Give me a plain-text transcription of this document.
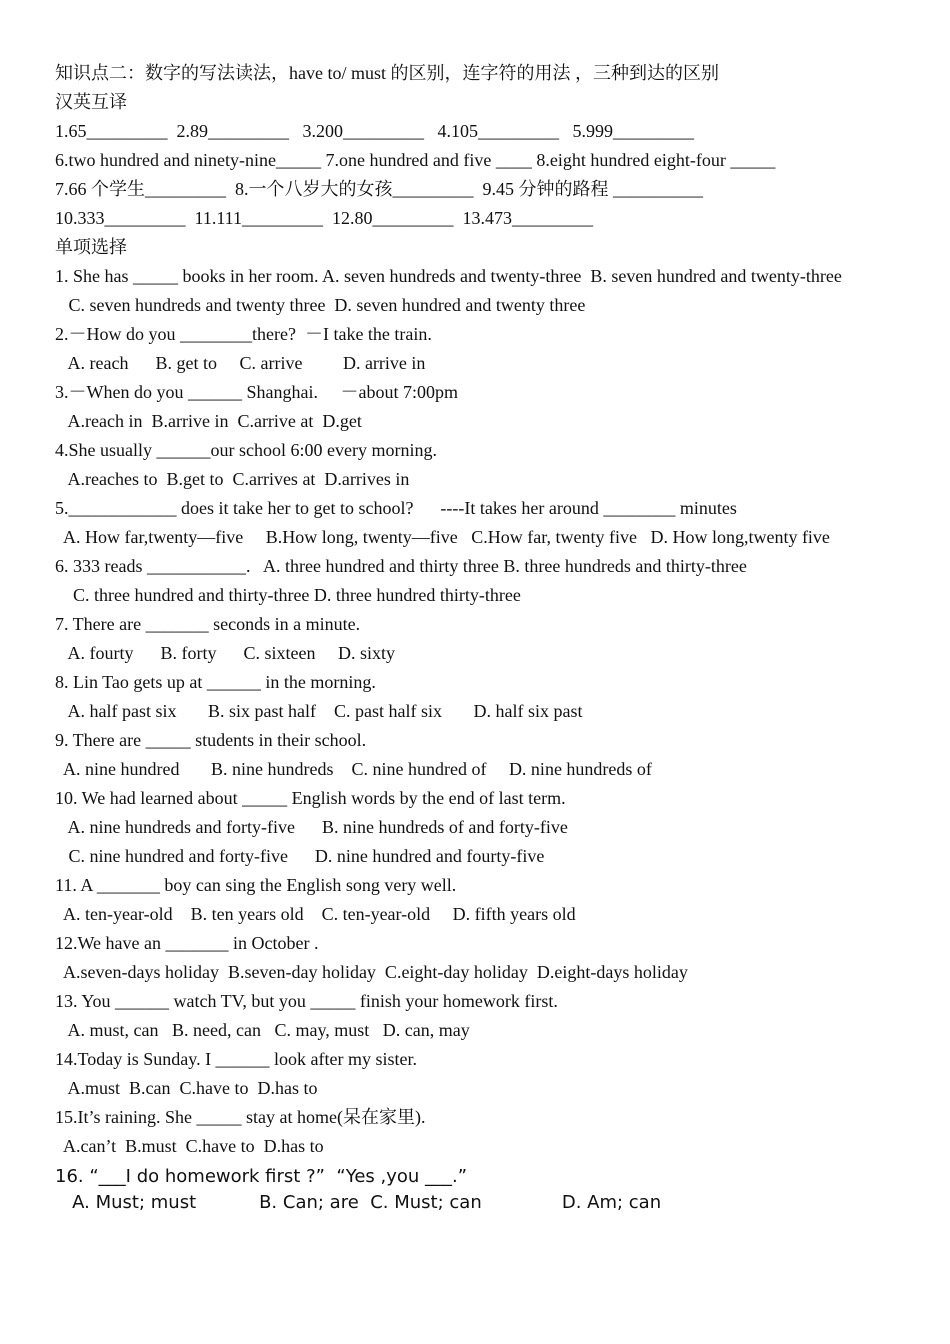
知识点二：数字的写法读法，have to/ must 的区别，连字符的用法 ，三种到达的区别
汉英互译
1.65_________  2.89_________   3.200_________   4.105_________   5.999_________
6.two hundred and ninety-nine_____ 7.one hundred and five ____ 8.eight hundred eight-four _____
7.66 个学生_________  8.一个八岁大的女孩_________  9.45 分钟的路程 __________
10.333_________  11.111_________  12.80_________  13.473_________
单项选择
1. She has _____ books in her room. A. seven hundreds and twenty-three  B. seven hundred and twenty-three
C. seven hundreds and twenty three  D. seven hundred and twenty three
2.－How do you ________there?  －I take the train.
A. reach      B. get to     C. arrive         D. arrive in
3.－When do you ______ Shanghai.     －about 7:00pm
A.reach in  B.arrive in  C.arrive at  D.get
4.She usually ______our school 6:00 every morning.
A.reaches to  B.get to  C.arrives at  D.arrives in
5.____________ does it take her to get to school?      ----It takes her around ________ minutes
A. How far,twenty—five     B.How long, twenty—five   C.How far, twenty five   D. How long,twenty five
6. 333 reads ___________.   A. three hundred and thirty three B. three hundreds and thirty-three
C. three hundred and thirty-three D. three hundred thirty-three
7. There are _______ seconds in a minute.
A. fourty      B. forty      C. sixteen     D. sixty
8. Lin Tao gets up at ______ in the morning.
A. half past six       B. six past half    C. past half six       D. half six past
9. There are _____ students in their school.
A. nine hundred       B. nine hundreds    C. nine hundred of     D. nine hundreds of
10. We had learned about _____ English words by the end of last term.
A. nine hundreds and forty-five      B. nine hundreds of and forty-five
C. nine hundred and forty-five      D. nine hundred and fourty-five
11. A _______ boy can sing the English song very well.
A. ten-year-old    B. ten years old    C. ten-year-old     D. fifth years old
12.We have an _______ in October .
A.seven-days holiday  B.seven-day holiday  C.eight-day holiday  D.eight-days holiday
13. You ______ watch TV, but you _____ finish your homework first.
A. must, can   B. need, can   C. may, must   D. can, may
14.Today is Sunday. I ______ look after my sister.
A.must  B.can  C.have to  D.has to
15.It’s raining. She _____ stay at home(呆在家里).
A.can’t  B.must  C.have to  D.has to
16. “___I do homework first ?”  “Yes ,you ___.”
A. Must; must           B. Can; are  C. Must; can              D. Am; can
